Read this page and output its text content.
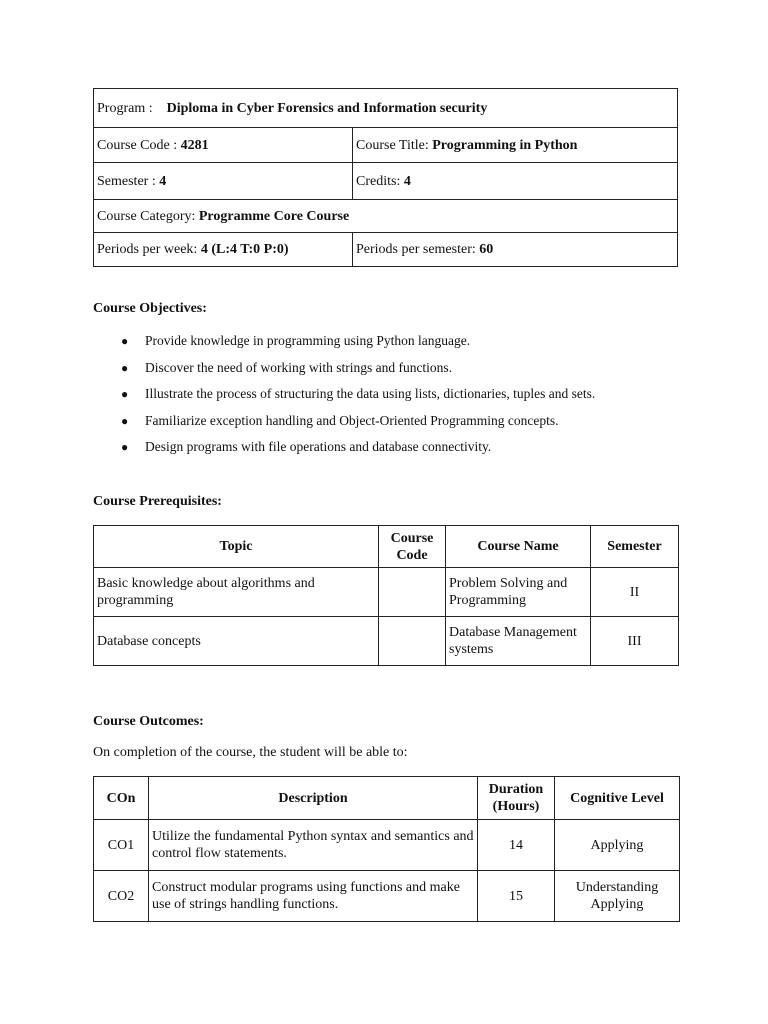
Program : Diploma in Cyber Forensics and Information security	
Course Code : 4281	Course Title: Programming in Python
Semester : 4	Credits: 4
Course Category: Programme Core Course	
Periods per week: 4 (L:4 T:0 P:0)	Periods per semester: 60
Course Objectives:
● Provide knowledge in programming using Python language.
● Discover the need of working with strings and functions.
● Illustrate the process of structuring the data using lists, dictionaries, tuples and sets.
● Familiarize exception handling and Object-Oriented Programming concepts.
● Design programs with file operations and database connectivity.
Course Prerequisites:
Topic	Course Code	Course Name	Semester
Basic knowledge about algorithms and programming		Problem Solving and Programming	II
Database concepts		Database Management systems	III
Course Outcomes:
On completion of the course, the student will be able to:
COn	Description	Duration (Hours)	Cognitive Level
CO1	Utilize the fundamental Python syntax and semantics and control flow statements.	14	Applying
CO2	Construct modular programs using functions and make use of strings handling functions.	15	Understanding Applying
